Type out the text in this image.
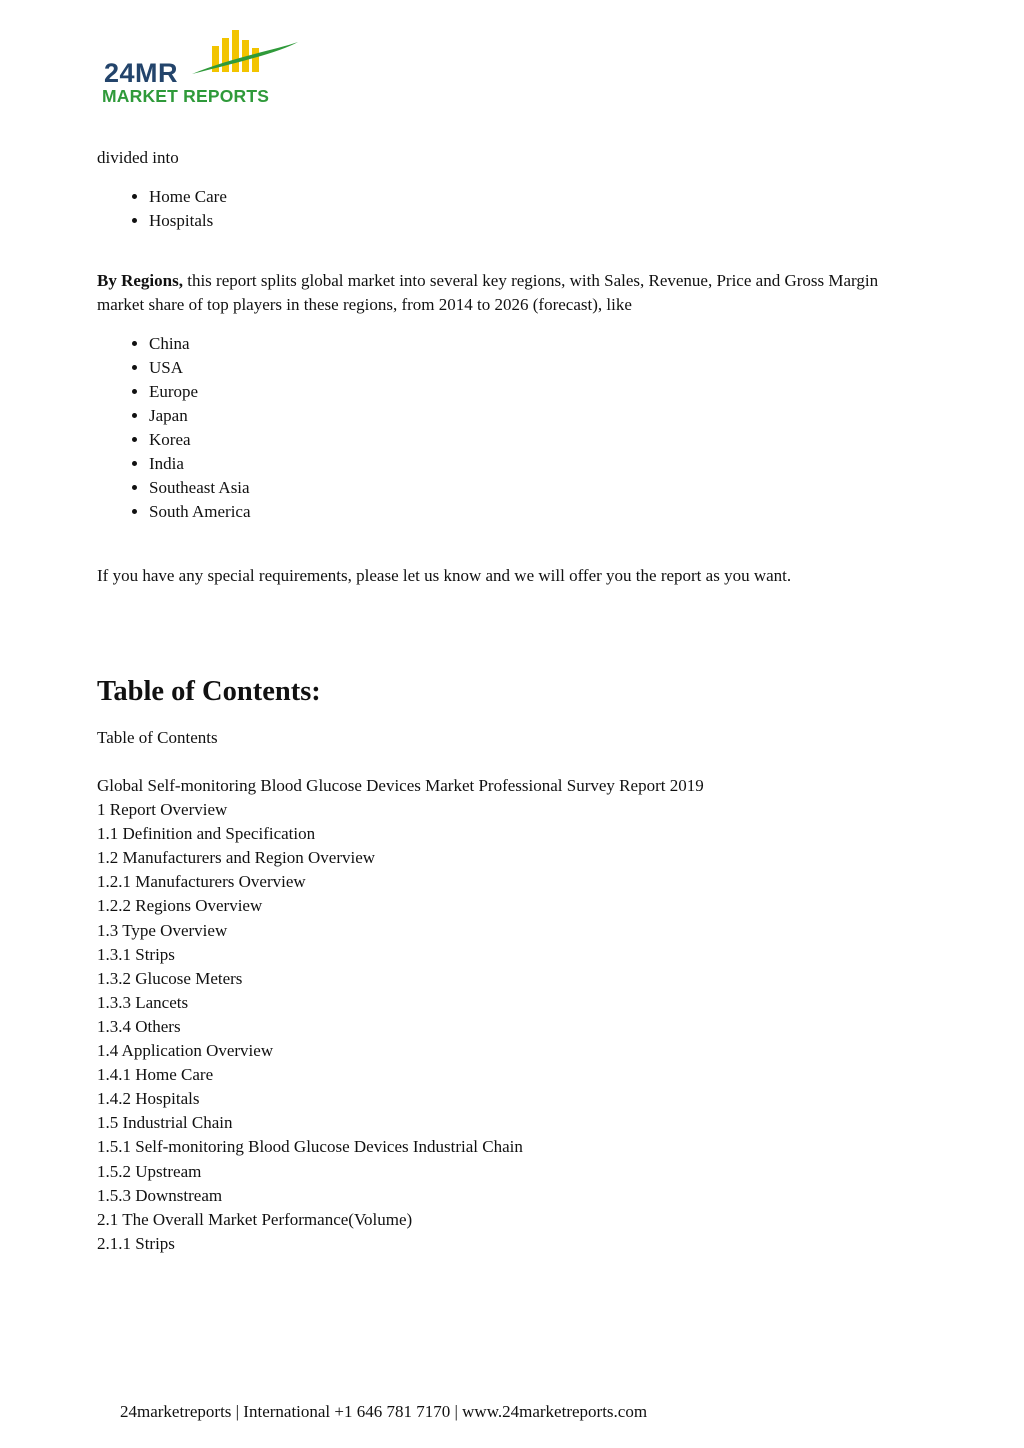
24MR
MARKET REPORTS

divided into

• Home Care
• Hospitals

By Regions, this report splits global market into several key regions, with Sales, Revenue, Price and Gross Margin market share of top players in these regions, from 2014 to 2026 (forecast), like

• China
• USA
• Europe
• Japan
• Korea
• India
• Southeast Asia
• South America

If you have any special requirements, please let us know and we will offer you the report as you want.

Table of Contents:

Table of Contents

Global Self-monitoring Blood Glucose Devices Market Professional Survey Report 2019
1 Report Overview
1.1 Definition and Specification
1.2 Manufacturers and Region Overview
1.2.1 Manufacturers Overview
1.2.2 Regions Overview
1.3 Type Overview
1.3.1 Strips
1.3.2 Glucose Meters
1.3.3 Lancets
1.3.4 Others
1.4 Application Overview
1.4.1 Home Care
1.4.2 Hospitals
1.5 Industrial Chain
1.5.1 Self-monitoring Blood Glucose Devices Industrial Chain
1.5.2 Upstream
1.5.3 Downstream
2.1 The Overall Market Performance(Volume)
2.1.1 Strips
24marketreports | International +1 646 781 7170 | www.24marketreports.com
